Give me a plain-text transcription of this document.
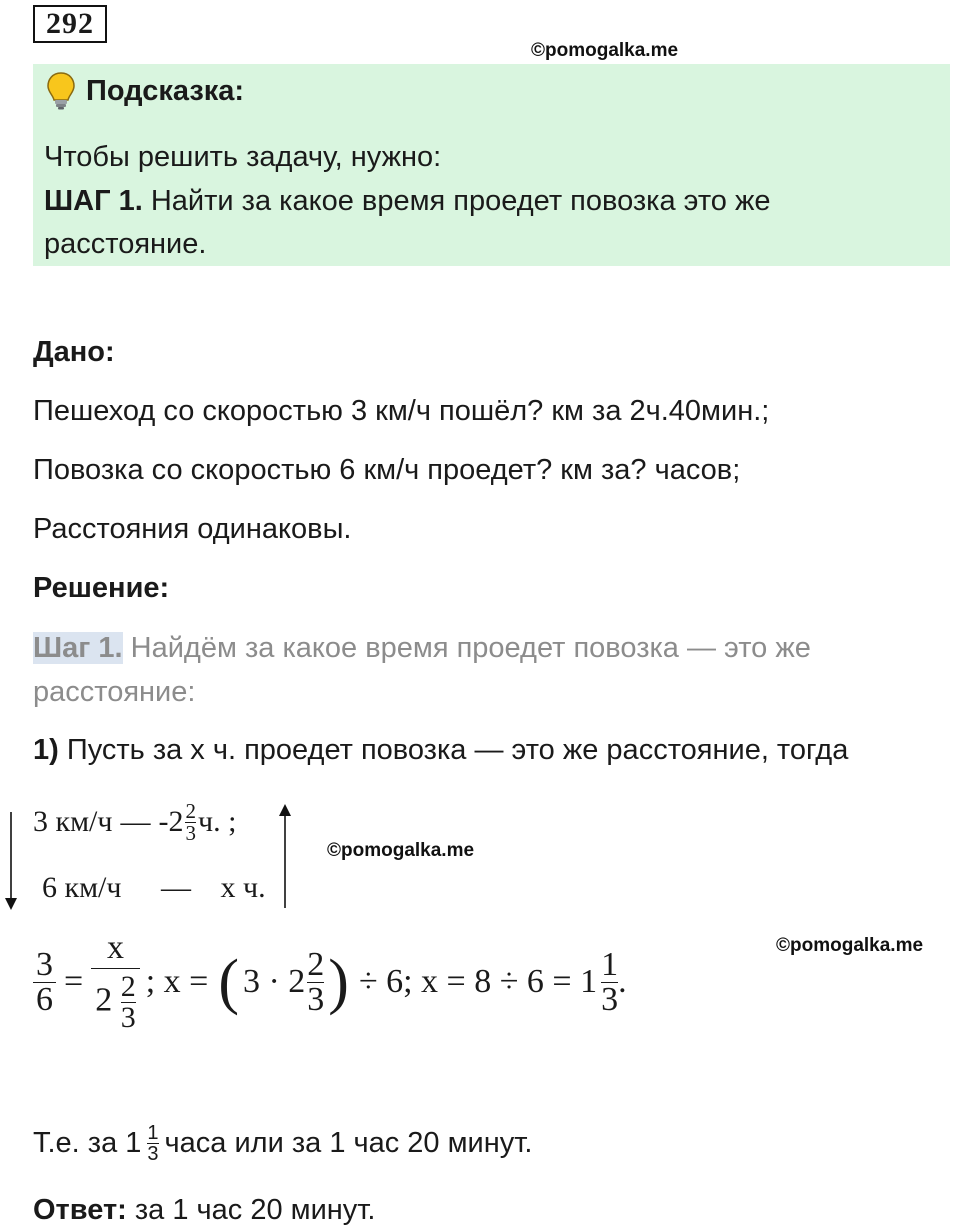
292
©pomogalka.me
Подсказка:
Чтобы решить задачу, нужно:
ШАГ 1. Найти за какое время проедет повозка это же
расстояние.
Дано:
Пешеход со скоростью 3 км/ч пошёл? км за 2ч.40мин.;
Повозка со скоростью 6 км/ч проедет? км за? часов;
Расстояния одинаковы.
Решение:
Шаг 1. Найдём за какое время проедет повозка — это же
расстояние:
1) Пусть за х ч. проедет повозка — это же расстояние, тогда
3 км/ч — $-2 \frac{2}{3} ч$. ;
©pomogalka.me
6 км/ч — х ч.
$\frac{3}{6} = \frac{x}{2 \frac{2}{3}}$ ; x = ( $3 \cdot 2 \frac{2}{3}$ ) ÷ 6; $x = 8 \div 6 = 1 \frac{1}{3}$ .
©pomogalka.me
Т.е. за $1 \frac{1}{3}$ часа или за 1 час 20 минут.
Ответ: за 1 час 20 минут.
